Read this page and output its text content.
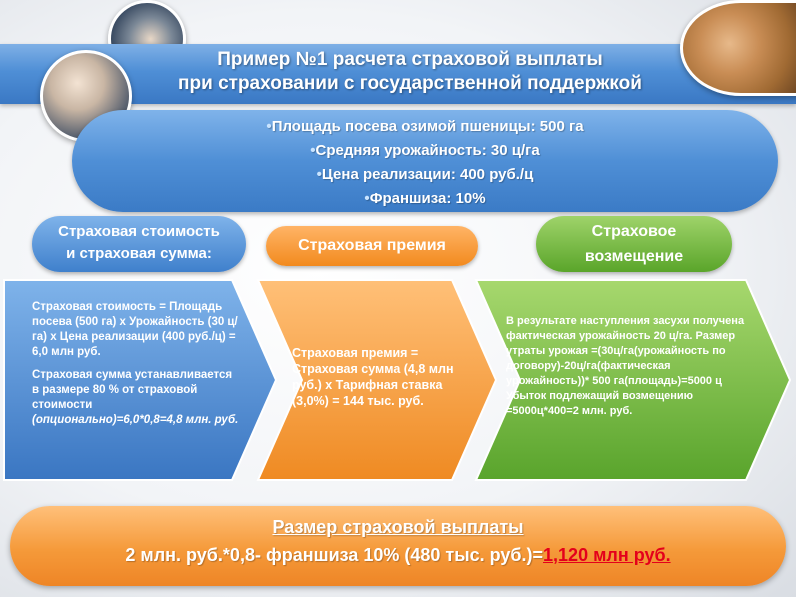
Пример №1 расчета страховой выплаты
при страховании с государственной поддержкой
•Площадь посева озимой пшеницы: 500 га
•Средняя урожайность: 30 ц/га
•Цена реализации: 400 руб./ц
•Франшиза: 10%
Страховая стоимость
и страховая сумма:	Страховая премия
Страховое
возмещение
Страховая стоимость = Площадь посева (500 га) х Урожайность (30 ц/га) х Цена реализации (400 руб./ц) = 6,0 млн руб.
Страховая сумма устанавливается в размере 80 % от страховой стоимости (опционально)=6,0*0,8=4,8 млн. руб.
Страховая премия = Страховая сумма (4,8 млн руб.) х Тарифная ставка (3,0%) = 144 тыс. руб.
В результате наступления засухи получена фактическая урожайность 20 ц/га. Размер утраты урожая =(30ц/га(урожайность по договору)-20ц/га(фактическая урожайность))* 500 га(площадь)=5000 ц Убыток подлежащий возмещению =5000ц*400=2 млн. руб.
Размер страховой выплаты
2 млн. руб.*0,8- франшиза 10% (480 тыс. руб.)=1,120 млн руб.
